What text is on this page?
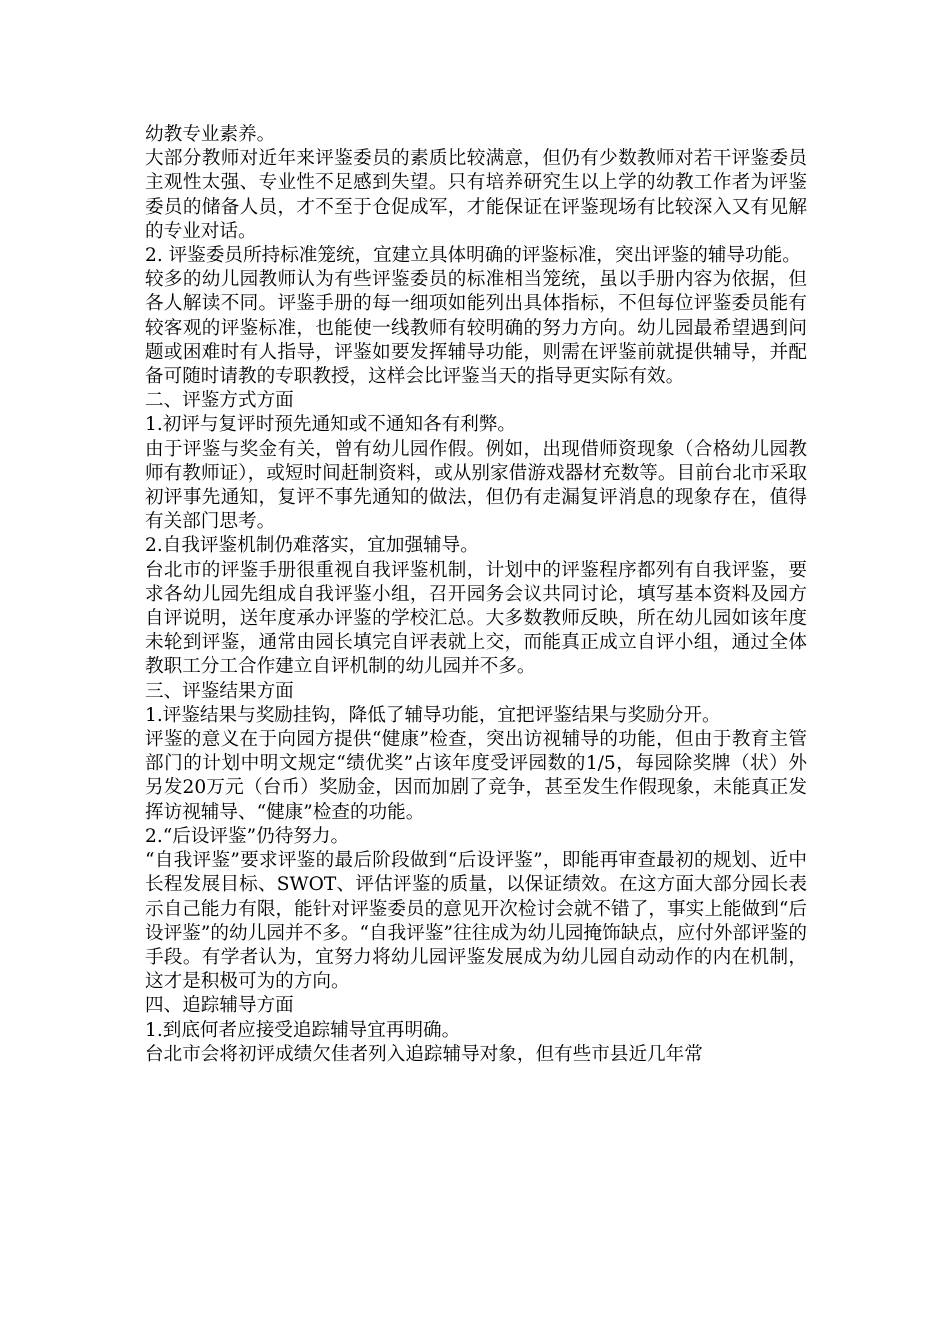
幼教专业素养。

大部分教师对近年来评鉴委员的素质比较满意，但仍有少数教师对若干评鉴委员主观性太强、专业性不足感到失望。只有培养研究生以上学的幼教工作者为评鉴委员的储备人员，才不至于仓促成军，才能保证在评鉴现场有比较深入又有见解的专业对话。

2. 评鉴委员所持标准笼统，宜建立具体明确的评鉴标准，突出评鉴的辅导功能。

较多的幼儿园教师认为有些评鉴委员的标准相当笼统，虽以手册内容为依据，但各人解读不同。评鉴手册的每一细项如能列出具体指标，不但每位评鉴委员能有较客观的评鉴标准，也能使一线教师有较明确的努力方向。幼儿园最希望遇到问题或困难时有人指导，评鉴如要发挥辅导功能，则需在评鉴前就提供辅导，并配备可随时请教的专职教授，这样会比评鉴当天的指导更实际有效。

二、评鉴方式方面

1.初评与复评时预先通知或不通知各有利弊。

由于评鉴与奖金有关，曾有幼儿园作假。例如，出现借师资现象（合格幼儿园教师有教师证），或短时间赶制资料，或从别家借游戏器材充数等。目前台北市采取初评事先通知，复评不事先通知的做法，但仍有走漏复评消息的现象存在，值得有关部门思考。

2.自我评鉴机制仍难落实，宜加强辅导。

台北市的评鉴手册很重视自我评鉴机制，计划中的评鉴程序都列有自我评鉴，要求各幼儿园先组成自我评鉴小组，召开园务会议共同讨论，填写基本资料及园方自评说明，送年度承办评鉴的学校汇总。大多数教师反映，所在幼儿园如该年度未轮到评鉴，通常由园长填完自评表就上交，而能真正成立自评小组，通过全体教职工分工合作建立自评机制的幼儿园并不多。

三、评鉴结果方面

1.评鉴结果与奖励挂钩，降低了辅导功能，宜把评鉴结果与奖励分开。

评鉴的意义在于向园方提供“健康”检查，突出访视辅导的功能，但由于教育主管部门的计划中明文规定“绩优奖”占该年度受评园数的1/5，每园除奖牌（状）外另发20万元（台币）奖励金，因而加剧了竞争，甚至发生作假现象，未能真正发挥访视辅导、“健康”检查的功能。

2.“后设评鉴”仍待努力。

“自我评鉴”要求评鉴的最后阶段做到“后设评鉴”，即能再审查最初的规划、近中长程发展目标、SWOT、评估评鉴的质量，以保证绩效。在这方面大部分园长表示自己能力有限，能针对评鉴委员的意见开次检讨会就不错了，事实上能做到“后设评鉴”的幼儿园并不多。“自我评鉴”往往成为幼儿园掩饰缺点，应付外部评鉴的手段。有学者认为，宜努力将幼儿园评鉴发展成为幼儿园自动动作的内在机制，这才是积极可为的方向。

四、追踪辅导方面

1.到底何者应接受追踪辅导宜再明确。

台北市会将初评成绩欠佳者列入追踪辅导对象，但有些市县近几年常
